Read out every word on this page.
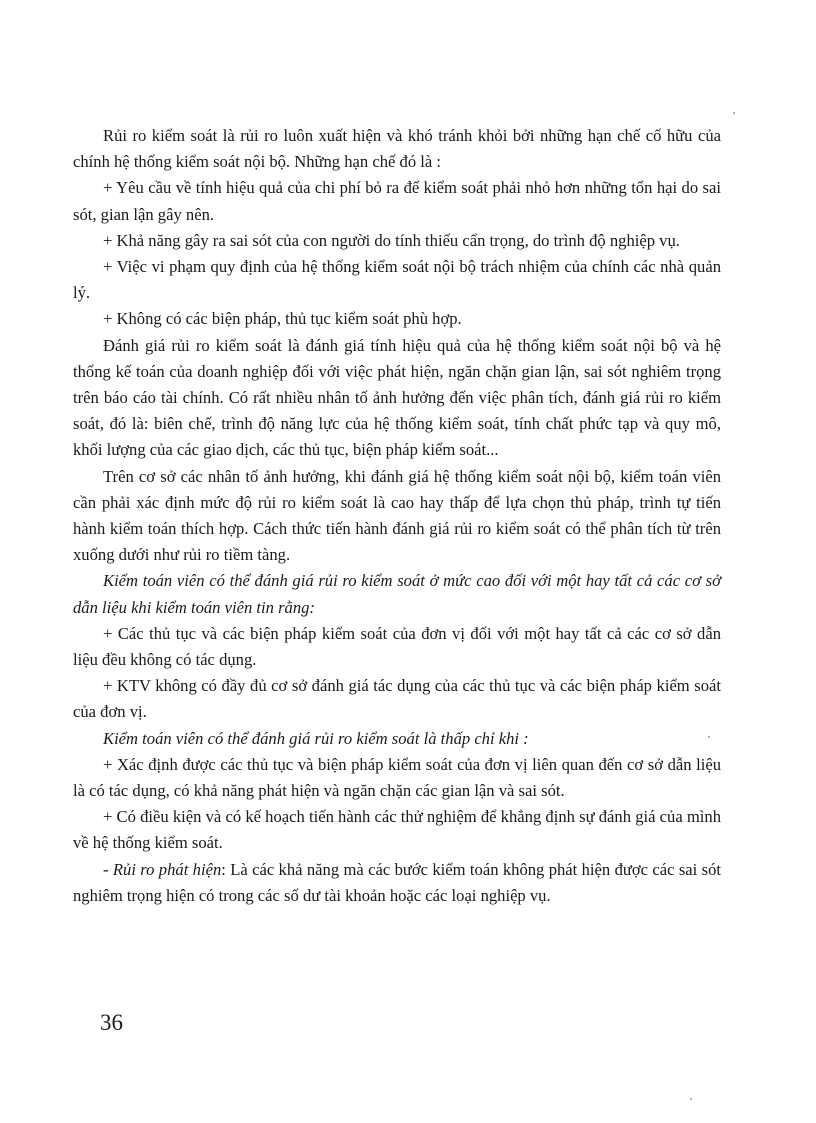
Rủi ro kiểm soát là rủi ro luôn xuất hiện và khó tránh khỏi bởi những hạn chế cố hữu của chính hệ thống kiểm soát nội bộ. Những hạn chế đó là :

+ Yêu cầu về tính hiệu quả của chi phí bỏ ra để kiểm soát phải nhỏ hơn những tổn hại do sai sót, gian lận gây nên.

+ Khả năng gây ra sai sót của con người do tính thiếu cẩn trọng, do trình độ nghiệp vụ.

+ Việc vi phạm quy định của hệ thống kiểm soát nội bộ trách nhiệm của chính các nhà quản lý.

+ Không có các biện pháp, thủ tục kiểm soát phù hợp.

Đánh giá rủi ro kiểm soát là đánh giá tính hiệu quả của hệ thống kiểm soát nội bộ và hệ thống kế toán của doanh nghiệp đối với việc phát hiện, ngăn chặn gian lận, sai sót nghiêm trọng trên báo cáo tài chính. Có rất nhiều nhân tố ảnh hưởng đến việc phân tích, đánh giá rủi ro kiểm soát, đó là: biên chế, trình độ năng lực của hệ thống kiểm soát, tính chất phức tạp và quy mô, khối lượng của các giao dịch, các thủ tục, biện pháp kiểm soát...

Trên cơ sở các nhân tố ảnh hưởng, khi đánh giá hệ thống kiểm soát nội bộ, kiểm toán viên cần phải xác định mức độ rủi ro kiểm soát là cao hay thấp để lựa chọn thủ pháp, trình tự tiến hành kiểm toán thích hợp. Cách thức tiến hành đánh giá rủi ro kiểm soát có thể phân tích từ trên xuống dưới như rủi ro tiềm tàng.

Kiểm toán viên có thể đánh giá rủi ro kiểm soát ở mức cao đối với một hay tất cả các cơ sở dẫn liệu khi kiểm toán viên tin rằng:

+ Các thủ tục và các biện pháp kiểm soát của đơn vị đối với một hay tất cả các cơ sở dẫn liệu đều không có tác dụng.

+ KTV không có đầy đủ cơ sở đánh giá tác dụng của các thủ tục và các biện pháp kiểm soát của đơn vị.

Kiểm toán viên có thể đánh giá rủi ro kiểm soát là thấp chỉ khi :

+ Xác định được các thủ tục và biện pháp kiểm soát của đơn vị liên quan đến cơ sở dẫn liệu là có tác dụng, có khả năng phát hiện và ngăn chặn các gian lận và sai sót.

+ Có điều kiện và có kế hoạch tiến hành các thử nghiệm để khẳng định sự đánh giá của mình về hệ thống kiểm soát.

- Rủi ro phát hiện: Là các khả năng mà các bước kiểm toán không phát hiện được các sai sót nghiêm trọng hiện có trong các số dư tài khoản hoặc các loại nghiệp vụ.

36
